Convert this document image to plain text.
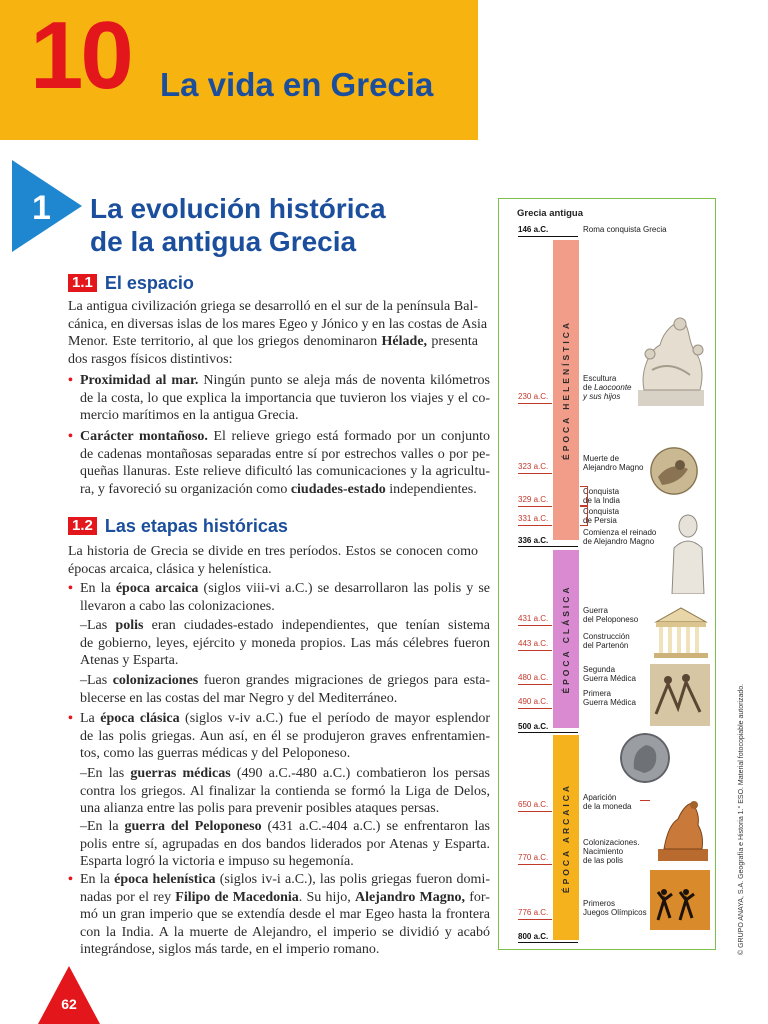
10 La vida en Grecia
1 La evolución histórica
de la antigua Grecia
1.1 El espacio
La antigua civilización griega se desarrolló en el sur de la península Bal-
cánica, en diversas islas de los mares Egeo y Jónico y en las costas de Asia
Menor. Este territorio, al que los griegos denominaron Hélade, presenta
dos rasgos físicos distintivos:
• Proximidad al mar. Ningún punto se aleja más de noventa kilómetros
de la costa, lo que explica la importancia que tuvieron los viajes y el co-
mercio marítimos en la antigua Grecia.
• Carácter montañoso. El relieve griego está formado por un conjunto
de cadenas montañosas separadas entre sí por estrechos valles o por pe-
queñas llanuras. Este relieve dificultó las comunicaciones y la agricultu-
ra, y favoreció su organización como ciudades-estado independientes.
1.2 Las etapas históricas
La historia de Grecia se divide en tres períodos. Estos se conocen como
épocas arcaica, clásica y helenística.
• En la época arcaica (siglos viii-vi a.C.) se desarrollaron las polis y se
llevaron a cabo las colonizaciones.
–Las polis eran ciudades-estado independientes, que tenían sistema
de gobierno, leyes, ejército y moneda propios. Las más célebres fueron
Atenas y Esparta.
–Las colonizaciones fueron grandes migraciones de griegos para esta-
blecerse en las costas del mar Negro y del Mediterráneo.
• La época clásica (siglos v-iv a.C.) fue el período de mayor esplendor
de las polis griegas. Aun así, en él se produjeron graves enfrentamien-
tos, como las guerras médicas y del Peloponeso.
–En las guerras médicas (490 a.C.-480 a.C.) combatieron los persas
contra los griegos. Al finalizar la contienda se formó la Liga de Delos,
una alianza entre las polis para prevenir posibles ataques persas.
–En la guerra del Peloponeso (431 a.C.-404 a.C.) se enfrentaron las
polis entre sí, agrupadas en dos bandos liderados por Atenas y Esparta.
Esparta logró la victoria e impuso su hegemonía.
• En la época helenística (siglos iv-i a.C.), las polis griegas fueron domi-
nadas por el rey Filipo de Macedonia. Su hijo, Alejandro Magno, for-
mó un gran imperio que se extendía desde el mar Egeo hasta la frontera
con la India. A la muerte de Alejandro, el imperio se dividió y acabó
integrándose, siglos más tarde, en el imperio romano.
Grecia antigua
ÉPOCA HELENÍSTICA
ÉPOCA CLÁSICA
ÉPOCA ARCAICA
146 a.C.
230 a.C.
323 a.C.
329 a.C.
331 a.C.
336 a.C.
431 a.C.
443 a.C.
480 a.C.
490 a.C.
500 a.C.
650 a.C.
770 a.C.
776 a.C.
800 a.C.
Roma conquista Grecia
Escultura
de Laocoonte
y sus hijos
Muerte de
Alejandro Magno
Conquista
de la India
Conquista
de Persia
Comienza el reinado
de Alejandro Magno
Guerra
del Peloponeso
Construcción
del Partenón
Segunda
Guerra Médica
Primera
Guerra Médica
Aparición
de la moneda
Colonizaciones.
Nacimiento
de las polis
Primeros
Juegos Olímpicos
62
© GRUPO ANAYA, S.A. Geografía e Historia 1.° ESO. Material fotocopiable autorizado.
